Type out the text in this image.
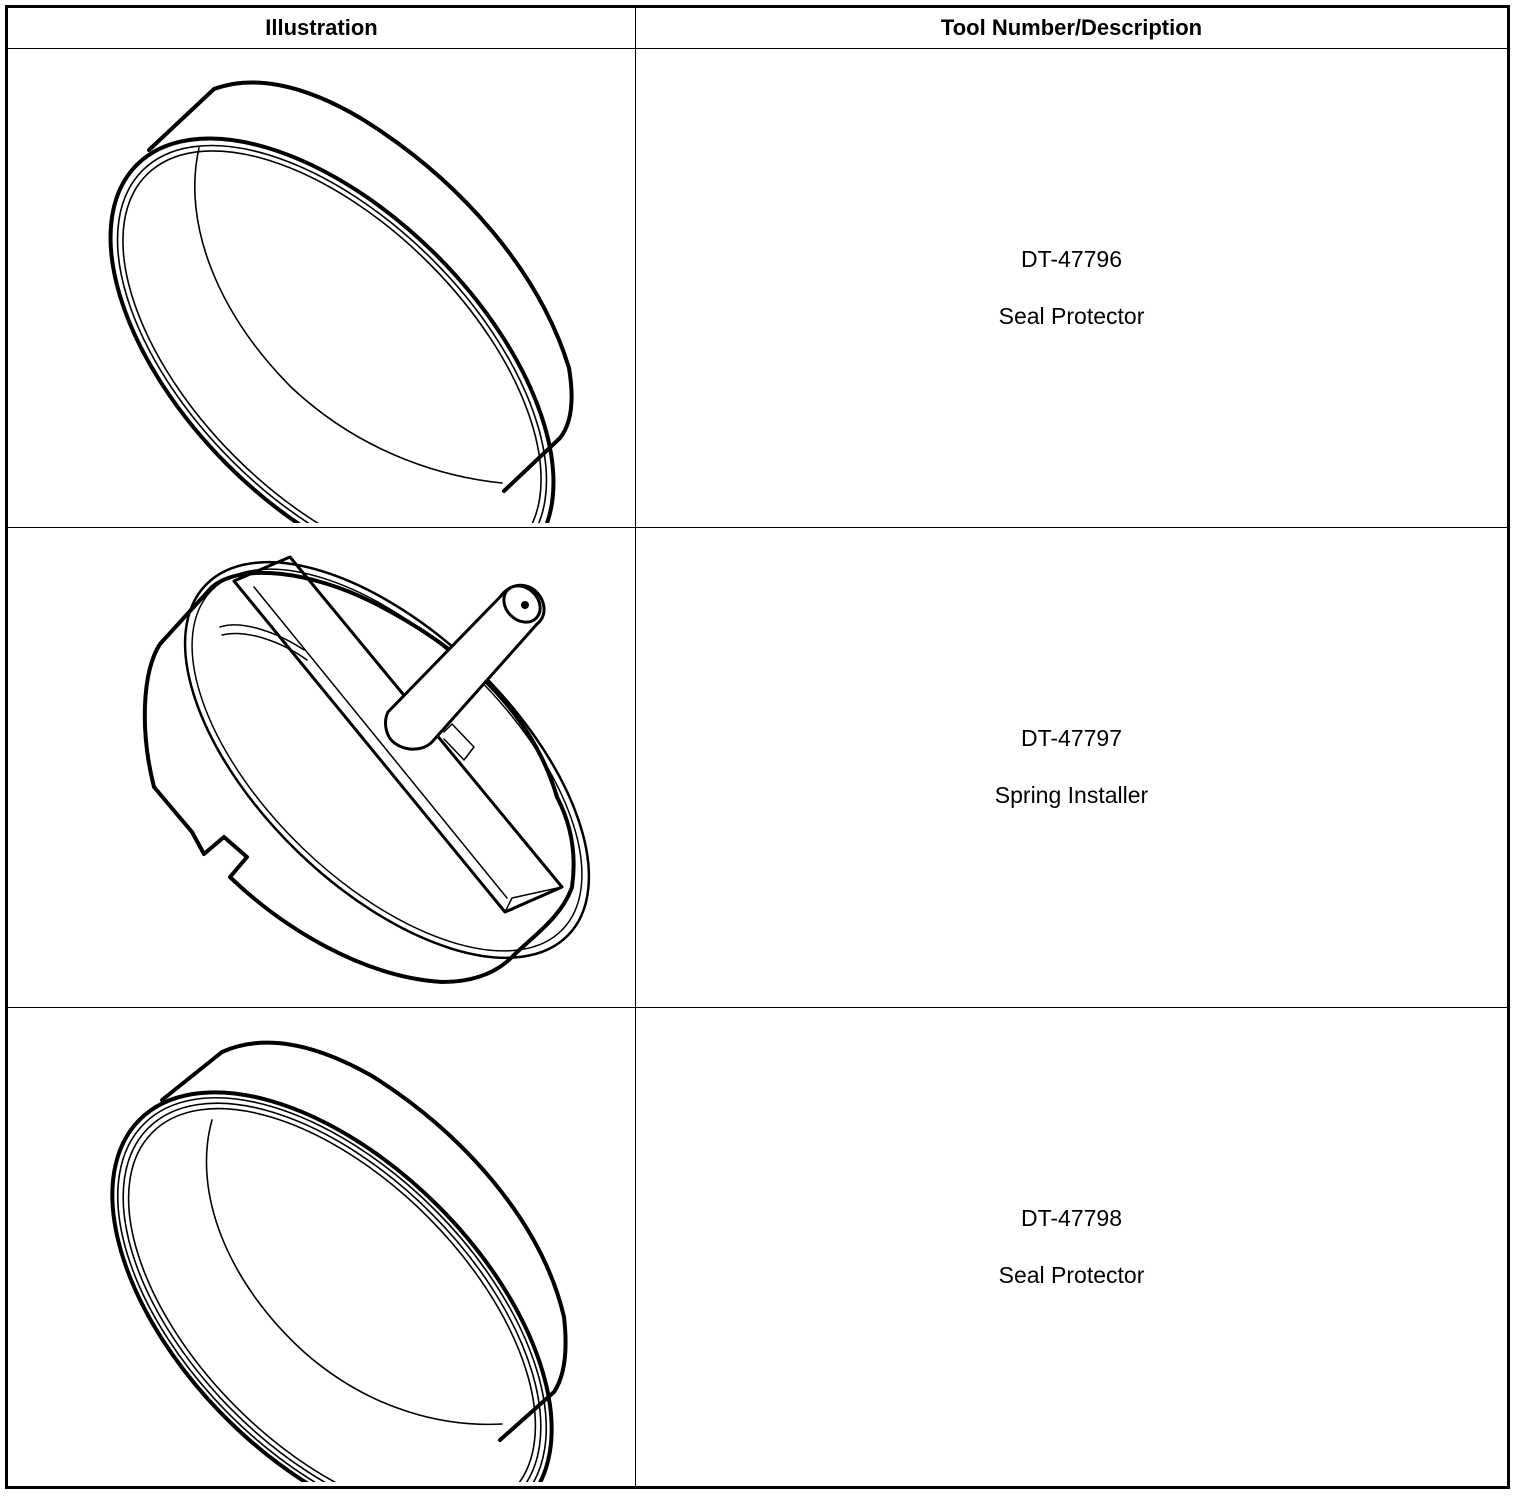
Illustration	Tool Number/Description

DT-47796
Seal Protector

DT-47797
Spring Installer

DT-47798
Seal Protector
